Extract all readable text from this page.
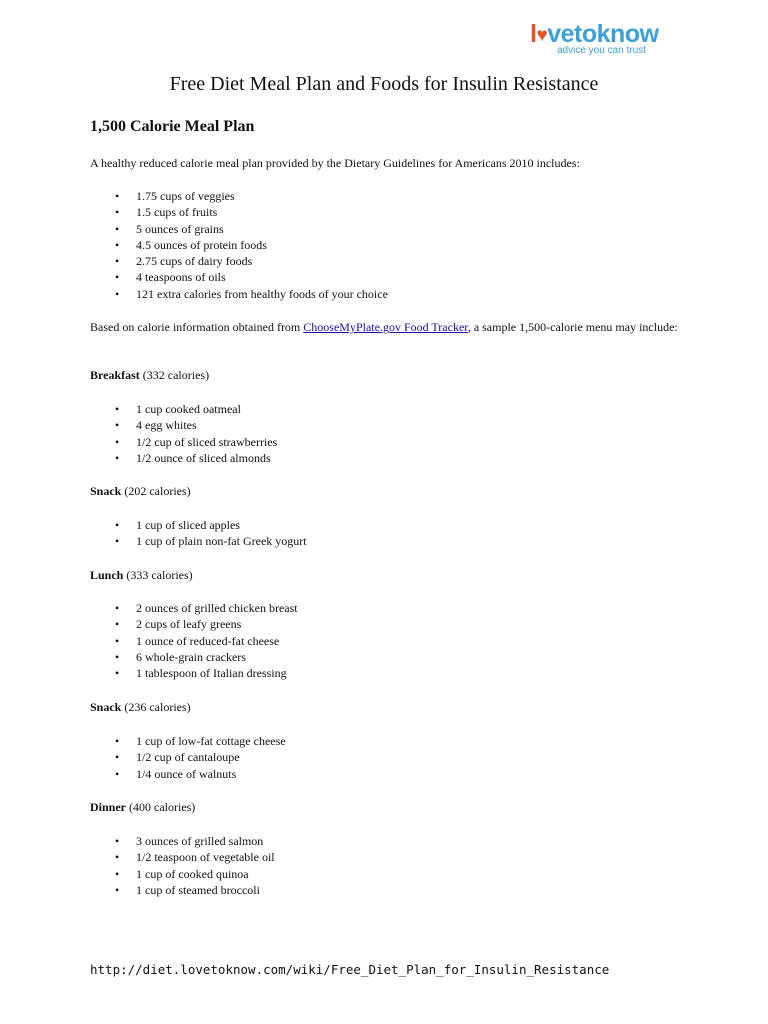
l♥vetoknow
advice you can trust
Free Diet Meal Plan and Foods for Insulin Resistance
1,500 Calorie Meal Plan

A healthy reduced calorie meal plan provided by the Dietary Guidelines for Americans 2010 includes:

• 1.75 cups of veggies
• 1.5 cups of fruits
• 5 ounces of grains
• 4.5 ounces of protein foods
• 2.75 cups of dairy foods
• 4 teaspoons of oils
• 121 extra calories from healthy foods of your choice

Based on calorie information obtained from ChooseMyPlate.gov Food Tracker, a sample 1,500-calorie menu may include:

Breakfast (332 calories)

• 1 cup cooked oatmeal
• 4 egg whites
• 1/2 cup of sliced strawberries
• 1/2 ounce of sliced almonds

Snack (202 calories)

• 1 cup of sliced apples
• 1 cup of plain non-fat Greek yogurt

Lunch (333 calories)

• 2 ounces of grilled chicken breast
• 2 cups of leafy greens
• 1 ounce of reduced-fat cheese
• 6 whole-grain crackers
• 1 tablespoon of Italian dressing

Snack (236 calories)

• 1 cup of low-fat cottage cheese
• 1/2 cup of cantaloupe
• 1/4 ounce of walnuts

Dinner (400 calories)

• 3 ounces of grilled salmon
• 1/2 teaspoon of vegetable oil
• 1 cup of cooked quinoa
• 1 cup of steamed broccoli

http://diet.lovetoknow.com/wiki/Free_Diet_Plan_for_Insulin_Resistance
